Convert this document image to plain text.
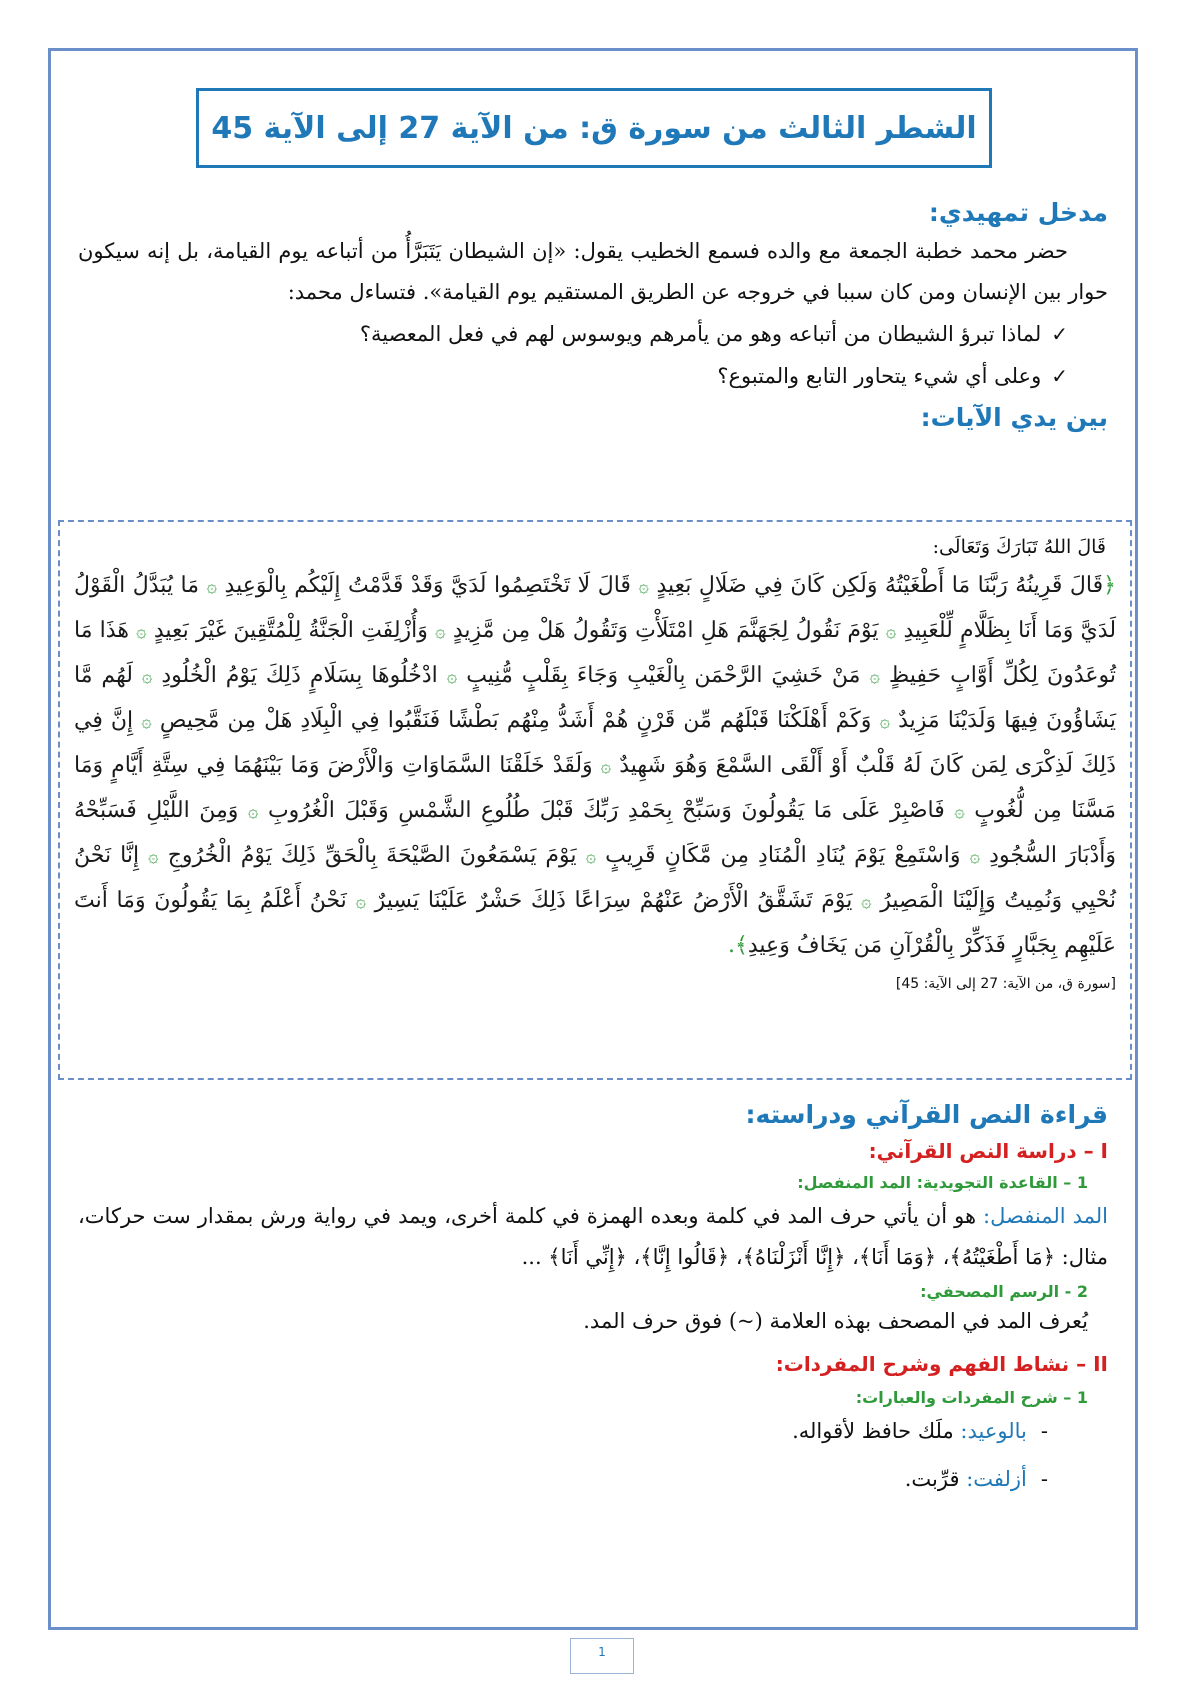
الشطر الثالث من سورة ق: من الآية 27 إلى الآية 45
مدخل تمهيدي:

حضر محمد خطبة الجمعة مع والده فسمع الخطيب يقول: «إن الشيطان يَتَبَرَّأُ من أتباعه يوم القيامة، بل إنه سيكون حوار بين الإنسان ومن كان سببا في خروجه عن الطريق المستقيم يوم القيامة». فتساءل محمد:

✓
لماذا تبرؤ الشيطان من أتباعه وهو من يأمرهم ويوسوس لهم في فعل المعصية؟
✓
وعلى أي شيء يتحاور التابع والمتبوع؟
بين يدي الآيات:
قَالَ اللهُ تَبَارَكَ وَتَعَالَى:

﴿قَالَ قَرِينُهُ رَبَّنَا مَا أَطْغَيْتُهُ وَلَكِن كَانَ فِي ضَلَالٍ بَعِيدٍ ۞ قَالَ لَا تَخْتَصِمُوا لَدَيَّ وَقَدْ قَدَّمْتُ إِلَيْكُم بِالْوَعِيدِ ۞ مَا يُبَدَّلُ الْقَوْلُ لَدَيَّ وَمَا أَنَا بِظَلَّامٍ لِّلْعَبِيدِ ۞ يَوْمَ نَقُولُ لِجَهَنَّمَ هَلِ امْتَلَأْتِ وَتَقُولُ هَلْ مِن مَّزِيدٍ ۞ وَأُزْلِفَتِ الْجَنَّةُ لِلْمُتَّقِينَ غَيْرَ بَعِيدٍ ۞ هَذَا مَا تُوعَدُونَ لِكُلِّ أَوَّابٍ حَفِيظٍ ۞ مَنْ خَشِيَ الرَّحْمَن بِالْغَيْبِ وَجَاءَ بِقَلْبٍ مُّنِيبٍ ۞ ادْخُلُوهَا بِسَلَامٍ ذَلِكَ يَوْمُ الْخُلُودِ ۞ لَهُم مَّا يَشَاؤُونَ فِيهَا وَلَدَيْنَا مَزِيدٌ ۞ وَكَمْ أَهْلَكْنَا قَبْلَهُم مِّن قَرْنٍ هُمْ أَشَدُّ مِنْهُم بَطْشًا فَنَقَّبُوا فِي الْبِلَادِ هَلْ مِن مَّحِيصٍ ۞ إِنَّ فِي ذَلِكَ لَذِكْرَى لِمَن كَانَ لَهُ قَلْبٌ أَوْ أَلْقَى السَّمْعَ وَهُوَ شَهِيدٌ ۞ وَلَقَدْ خَلَقْنَا السَّمَاوَاتِ وَالْأَرْضَ وَمَا بَيْنَهُمَا فِي سِتَّةِ أَيَّامٍ وَمَا مَسَّنَا مِن لُّغُوبٍ ۞ فَاصْبِرْ عَلَى مَا يَقُولُونَ وَسَبِّحْ بِحَمْدِ رَبِّكَ قَبْلَ طُلُوعِ الشَّمْسِ وَقَبْلَ الْغُرُوبِ ۞ وَمِنَ اللَّيْلِ فَسَبِّحْهُ وَأَدْبَارَ السُّجُودِ ۞ وَاسْتَمِعْ يَوْمَ يُنَادِ الْمُنَادِ مِن مَّكَانٍ قَرِيبٍ ۞ يَوْمَ يَسْمَعُونَ الصَّيْحَةَ بِالْحَقِّ ذَلِكَ يَوْمُ الْخُرُوجِ ۞ إِنَّا نَحْنُ نُحْيِي وَنُمِيتُ وَإِلَيْنَا الْمَصِيرُ ۞ يَوْمَ تَشَقَّقُ الْأَرْضُ عَنْهُمْ سِرَاعًا ذَلِكَ حَشْرٌ عَلَيْنَا يَسِيرٌ ۞ نَحْنُ أَعْلَمُ بِمَا يَقُولُونَ وَمَا أَنتَ عَلَيْهِم بِجَبَّارٍ فَذَكِّرْ بِالْقُرْآنِ مَن يَخَافُ وَعِيدِ﴾.

[سورة ق، من الآية: 27 إلى الآية: 45]
قراءة النص القرآني ودراسته:
I – دراسة النص القرآني:
1 – القاعدة التجويدية: المد المنفصل:

المد المنفصل: هو أن يأتي حرف المد في كلمة وبعده الهمزة في كلمة أخرى، ويمد في رواية ورش بمقدار ست حركات، مثال: ﴿مَا أَطْغَيْتُهُ﴾، ﴿وَمَا أَنَا﴾، ﴿إِنَّا أَنْزَلْنَاهُ﴾، ﴿قَالُوا إِنَّا﴾، ﴿إِنِّي أَنَا﴾ ...

2 - الرسم المصحفي:

يُعرف المد في المصحف بهذه العلامة (~) فوق حرف المد.

II – نشاط الفهم وشرح المفردات:
1 – شرح المفردات والعبارات:
-
بالوعيد: ملَك حافظ لأقواله.
-
أزلفت: قرِّبت.
1
